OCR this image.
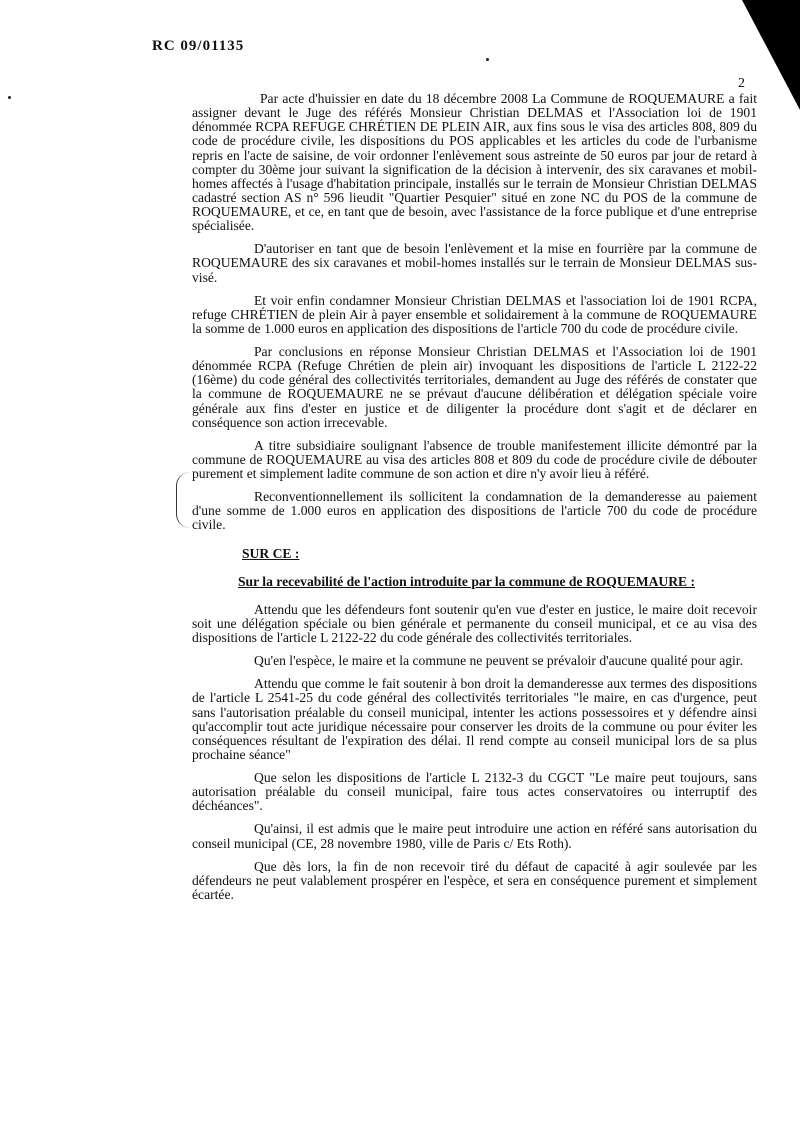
RC 09/01135
2

Par acte d'huissier en date du 18 décembre 2008 La Commune de ROQUEMAURE a fait assigner devant le Juge des référés Monsieur Christian DELMAS et l'Association loi de 1901 dénommée RCPA REFUGE CHRÉTIEN DE PLEIN AIR, aux fins sous le visa des articles 808, 809 du code de procédure civile, les dispositions du POS applicables et les articles du code de l'urbanisme repris en l'acte de saisine, de voir ordonner l'enlèvement sous astreinte de 50 euros par jour de retard à compter du 30ème jour suivant la signification de la décision à intervenir, des six caravanes et mobil-homes affectés à l'usage d'habitation principale, installés sur le terrain de Monsieur Christian DELMAS cadastré section AS n° 596 lieudit "Quartier Pesquier" situé en zone NC du POS de la commune de ROQUEMAURE, et ce, en tant que de besoin, avec l'assistance de la force publique et d'une entreprise spécialisée.

D'autoriser en tant que de besoin l'enlèvement et la mise en fourrière par la commune de ROQUEMAURE des six caravanes et mobil-homes installés sur le terrain de Monsieur DELMAS sus-visé.

Et voir enfin condamner Monsieur Christian DELMAS et l'association loi de 1901 RCPA, refuge CHRÉTIEN de plein Air à payer ensemble et solidairement à la commune de ROQUEMAURE la somme de 1.000 euros en application des dispositions de l'article 700 du code de procédure civile.

Par conclusions en réponse Monsieur Christian DELMAS et l'Association loi de 1901 dénommée RCPA (Refuge Chrétien de plein air) invoquant les dispositions de l'article L 2122-22 (16ème) du code général des collectivités territoriales, demandent au Juge des référés de constater que la commune de ROQUEMAURE ne se prévaut d'aucune délibération et délégation spéciale voire générale aux fins d'ester en justice et de diligenter la procédure dont s'agit et de déclarer en conséquence son action irrecevable.

A titre subsidiaire soulignant l'absence de trouble manifestement illicite démontré par la commune de ROQUEMAURE au visa des articles 808 et 809 du code de procédure civile de débouter purement et simplement ladite commune de son action et dire n'y avoir lieu à référé.

Reconventionnellement ils sollicitent la condamnation de la demanderesse au paiement d'une somme de 1.000 euros en application des dispositions de l'article 700 du code de procédure civile.

SUR CE :
Sur la recevabilité de l'action introduite par la commune de ROQUEMAURE :

Attendu que les défendeurs font soutenir qu'en vue d'ester en justice, le maire doit recevoir soit une délégation spéciale ou bien générale et permanente du conseil municipal, et ce au visa des dispositions de l'article L 2122-22 du code générale des collectivités territoriales.

Qu'en l'espèce, le maire et la commune ne peuvent se prévaloir d'aucune qualité pour agir.

Attendu que comme le fait soutenir à bon droit la demanderesse aux termes des dispositions de l'article L 2541-25 du code général des collectivités territoriales "le maire, en cas d'urgence, peut sans l'autorisation préalable du conseil municipal, intenter les actions possessoires et y défendre ainsi qu'accomplir tout acte juridique nécessaire pour conserver les droits de la commune ou pour éviter les conséquences résultant de l'expiration des délai. Il rend compte au conseil municipal lors de sa plus prochaine séance"

Que selon les dispositions de l'article L 2132-3 du CGCT "Le maire peut toujours, sans autorisation préalable du conseil municipal, faire tous actes conservatoires ou interruptif des déchéances".

Qu'ainsi, il est admis que le maire peut introduire une action en référé sans autorisation du conseil municipal (CE, 28 novembre 1980, ville de Paris c/ Ets Roth).

Que dès lors, la fin de non recevoir tiré du défaut de capacité à agir soulevée par les défendeurs ne peut valablement prospérer en l'espèce, et sera en conséquence purement et simplement écartée.
